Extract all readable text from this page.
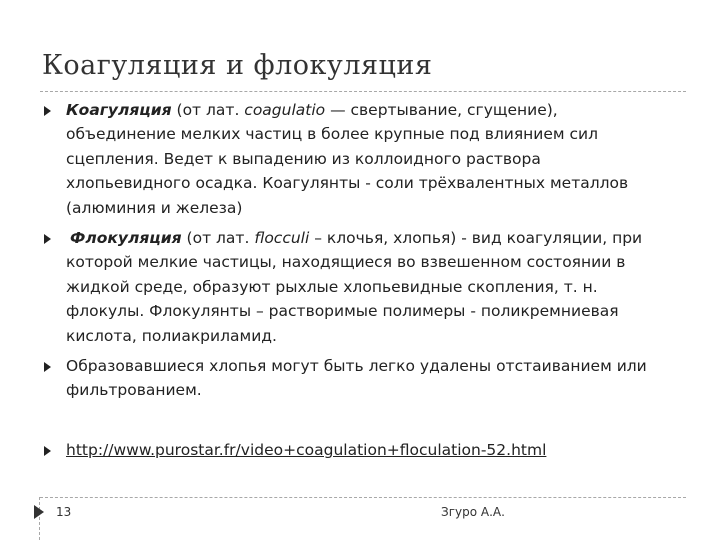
Коагуляция и флокуляция
Коагуляция (от лат. coagulatio — свертывание, сгущение), объединение мелких частиц в более крупные под влиянием сил сцепления. Ведет к выпадению из коллоидного раствора хлопьевидного осадка. Коагулянты - соли трёхвалентных металлов (алюминия и железа)
Флокуляция (от лат. flocculi – клочья, хлопья) - вид коагуляции, при которой мелкие частицы, находящиеся во взвешенном состоянии в жидкой среде, образуют рыхлые хлопьевидные скопления, т. н. флокулы. Флокулянты – растворимые полимеры - поликремниевая кислота, полиакриламид.
Образовавшиеся хлопья могут быть легко удалены отстаиванием или фильтрованием.
http://www.purostar.fr/video+coagulation+floculation-52.html
13	Згуро А.А.
